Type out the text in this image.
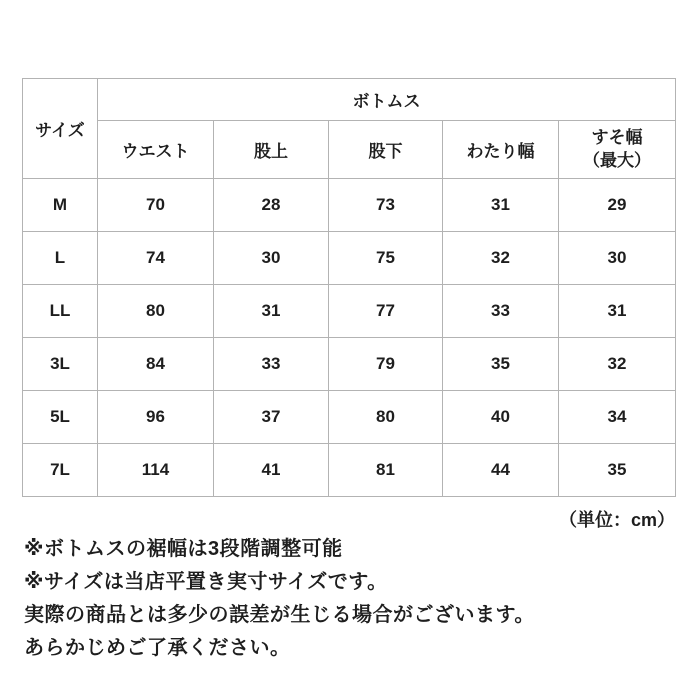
サイズ	ボトムス				
	ウエスト	股上	股下	わたり幅	すそ幅
（最大）
M	70	28	73	31	29
L	74	30	75	32	30
LL	80	31	77	33	31
3L	84	33	79	35	32
5L	96	37	80	40	34
7L	114	41	81	44	35
（単位：cm）

※ボトムスの裾幅は3段階調整可能

※サイズは当店平置き実寸サイズです。

実際の商品とは多少の誤差が生じる場合がございます。

あらかじめご了承ください。
